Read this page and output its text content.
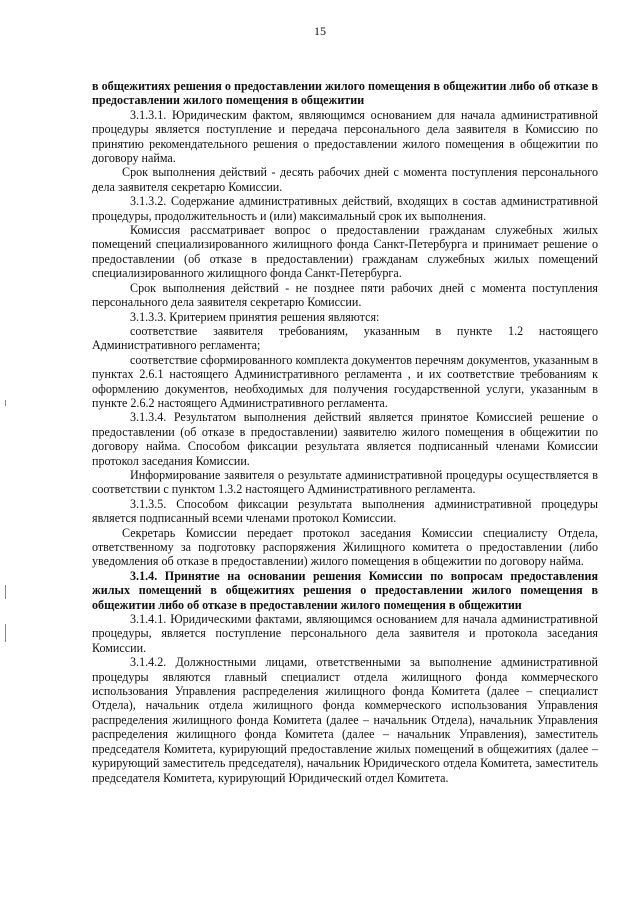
15

в общежитиях решения о предоставлении жилого помещения в общежитии либо об отказе в предоставлении жилого помещения в общежитии

3.1.3.1. Юридическим фактом, являющимся основанием для начала административной процедуры является поступление и передача персонального дела заявителя в Комиссию по принятию рекомендательного решения о предоставлении жилого помещения в общежитии по договору найма.

Срок выполнения действий - десять рабочих дней с момента поступления персонального дела заявителя секретарю Комиссии.

3.1.3.2. Содержание административных действий, входящих в состав административной процедуры, продолжительность и (или) максимальный срок их выполнения.

Комиссия рассматривает вопрос о предоставлении гражданам служебных жилых помещений специализированного жилищного фонда Санкт-Петербурга и принимает решение о предоставлении (об отказе в предоставлении) гражданам служебных жилых помещений специализированного жилищного фонда Санкт-Петербурга.

Срок выполнения действий - не позднее пяти рабочих дней с момента поступления персонального дела заявителя секретарю Комиссии.

3.1.3.3. Критерием принятия решения являются:

соответствие заявителя требованиям, указанным в пункте 1.2 настоящего Административного регламента;

соответствие сформированного комплекта документов перечням документов, указанным в пунктах 2.6.1 настоящего Административного регламента , и их соответствие требованиям к оформлению документов, необходимых для получения государственной услуги, указанным в пункте 2.6.2 настоящего Административного регламента.

3.1.3.4. Результатом выполнения действий является принятое Комиссией решение о предоставлении (об отказе в предоставлении) заявителю жилого помещения в общежитии по договору найма. Способом фиксации результата является подписанный членами Комиссии протокол заседания Комиссии.

Информирование заявителя о результате административной процедуры осуществляется в соответствии с пунктом 1.3.2 настоящего Административного регламента.

3.1.3.5. Способом фиксации результата выполнения административной процедуры является подписанный всеми членами протокол Комиссии.

Секретарь Комиссии передает протокол заседания Комиссии специалисту Отдела, ответственному за подготовку распоряжения Жилищного комитета о предоставлении (либо уведомления об отказе в предоставлении) жилого помещения в общежитии по договору найма.

3.1.4. Принятие на основании решения Комиссии по вопросам предоставления жилых помещений в общежитиях решения о предоставлении жилого помещения в общежитии либо об отказе в предоставлении жилого помещения в общежитии

3.1.4.1. Юридическими фактами, являющимся основанием для начала административной процедуры, является поступление персонального дела заявителя и протокола заседания Комиссии.

3.1.4.2. Должностными лицами, ответственными за выполнение административной процедуры являются главный специалист отдела жилищного фонда коммерческого использования Управления распределения жилищного фонда Комитета (далее – специалист Отдела), начальник отдела жилищного фонда коммерческого использования Управления распределения жилищного фонда Комитета (далее – начальник Отдела), начальник Управления распределения жилищного фонда Комитета (далее – начальник Управления), заместитель председателя Комитета, курирующий предоставление жилых помещений в общежитиях (далее – курирующий заместитель председателя), начальник Юридического отдела Комитета, заместитель председателя Комитета, курирующий Юридический отдел Комитета.
